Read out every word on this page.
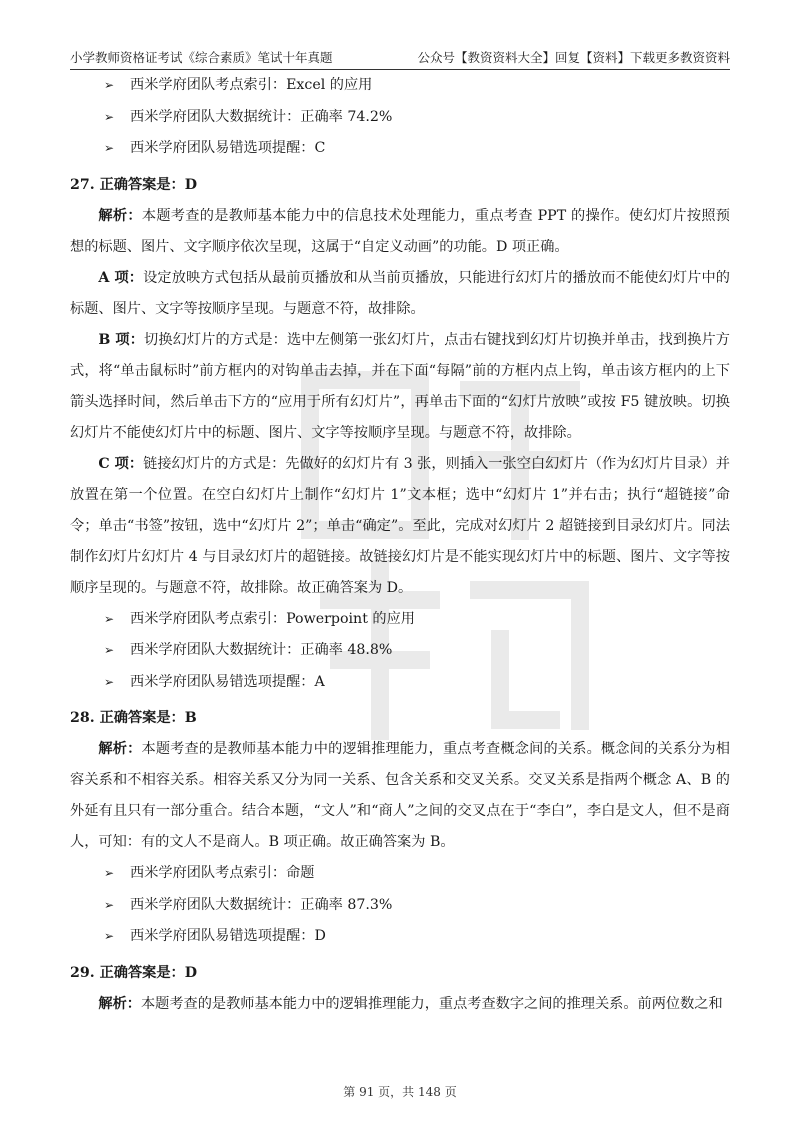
小学教师资格证考试《综合素质》笔试十年真题	公众号【教资资料大全】回复【资料】下载更多教资资料

➢	西米学府团队考点索引：Excel 的应用

➢	西米学府团队大数据统计：正确率 74.2%

➢	西米学府团队易错选项提醒：C

27. 正确答案是：D

解析：本题考查的是教师基本能力中的信息技术处理能力，重点考查 PPT 的操作。使幻灯片按照预想的标题、图片、文字顺序依次呈现，这属于“自定义动画”的功能。D 项正确。

A 项：设定放映方式包括从最前页播放和从当前页播放，只能进行幻灯片的播放而不能使幻灯片中的标题、图片、文字等按顺序呈现。与题意不符，故排除。

B 项：切换幻灯片的方式是：选中左侧第一张幻灯片，点击右键找到幻灯片切换并单击，找到换片方式，将“单击鼠标时”前方框内的对钩单击去掉，并在下面“每隔”前的方框内点上钩，单击该方框内的上下箭头选择时间，然后单击下方的“应用于所有幻灯片”，再单击下面的“幻灯片放映”或按 F5 键放映。切换幻灯片不能使幻灯片中的标题、图片、文字等按顺序呈现。与题意不符，故排除。

C 项：链接幻灯片的方式是：先做好的幻灯片有 3 张，则插入一张空白幻灯片（作为幻灯片目录）并放置在第一个位置。在空白幻灯片上制作“幻灯片 1”文本框；选中“幻灯片 1”并右击；执行“超链接”命令；单击“书签”按钮，选中“幻灯片 2”；单击“确定”。至此，完成对幻灯片 2 超链接到目录幻灯片。同法制作幻灯片幻灯片 4 与目录幻灯片的超链接。故链接幻灯片是不能实现幻灯片中的标题、图片、文字等按顺序呈现的。与题意不符，故排除。故正确答案为 D。

➢	西米学府团队考点索引：Powerpoint 的应用

➢	西米学府团队大数据统计：正确率 48.8%

➢	西米学府团队易错选项提醒：A

28. 正确答案是：B

解析：本题考查的是教师基本能力中的逻辑推理能力，重点考查概念间的关系。概念间的关系分为相容关系和不相容关系。相容关系又分为同一关系、包含关系和交叉关系。交叉关系是指两个概念 A、B 的外延有且只有一部分重合。结合本题，“文人”和“商人”之间的交叉点在于“李白”，李白是文人，但不是商人，可知：有的文人不是商人。B 项正确。故正确答案为 B。

➢	西米学府团队考点索引：命题

➢	西米学府团队大数据统计：正确率 87.3%

➢	西米学府团队易错选项提醒：D

29. 正确答案是：D

解析：本题考查的是教师基本能力中的逻辑推理能力，重点考查数字之间的推理关系。前两位数之和

第 91 页，共 148 页
